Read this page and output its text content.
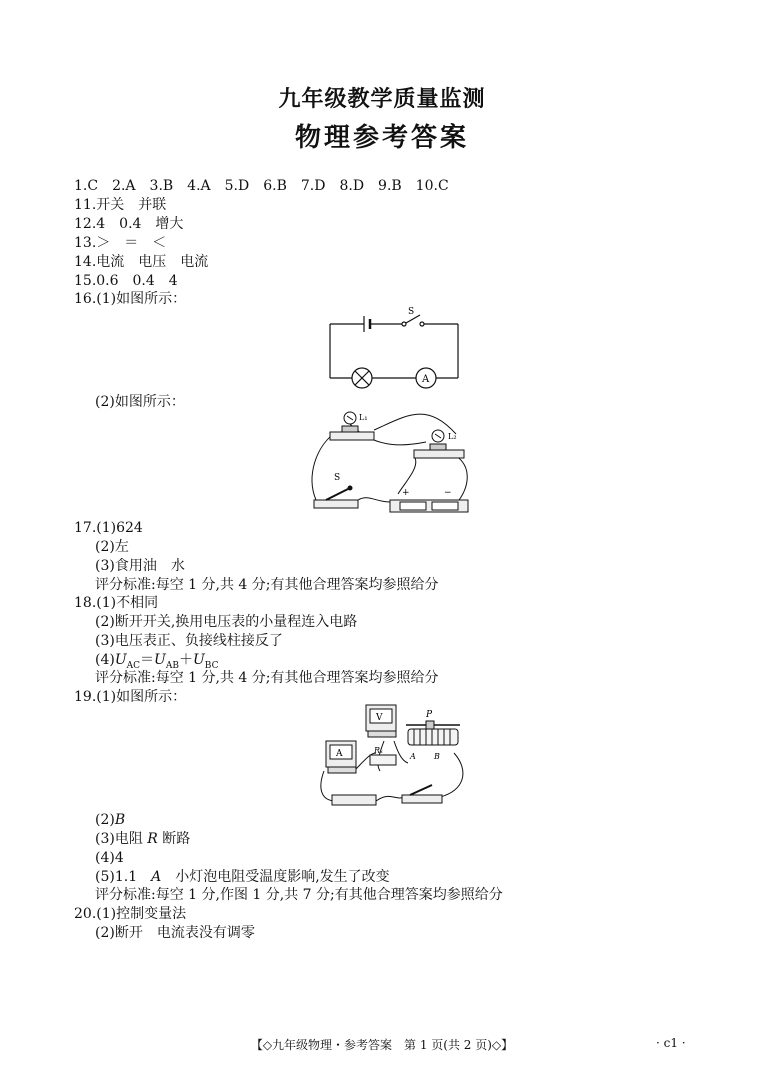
九年级教学质量监测
物理参考答案
1.C　2.A　3.B　4.A　5.D　6.B　7.D　8.D　9.B　10.C
11.开关　并联
12.4　0.4　增大
13.＞　＝　＜
14.电流　电压　电流
15.0.6　0.4　4
16.(1)如图所示：
S
A
(2)如图所示：
L₁
L₂
S
+	−
17.(1)624
(2)左
(3)食用油　水
评分标准:每空 1 分,共 4 分;有其他合理答案均参照给分
18.(1)不相同
(2)断开开关,换用电压表的小量程连入电路
(3)电压表正、负接线柱接反了
$(4)U_{AC}=U_{AB}+U_{BC}$
评分标准:每空 1 分,共 4 分;有其他合理答案均参照给分
19.(1)如图所示：
A
V	P
Rₓ
A B
(2)B
(3)电阻 R 断路
(4)4
(5)1.1　A　小灯泡电阻受温度影响,发生了改变
评分标准:每空 1 分,作图 1 分,共 7 分;有其他合理答案均参照给分
20.(1)控制变量法
(2)断开　电流表没有调零
【◇九年级物理・参考答案　第 1 页(共 2 页)◇】	· c1 ·
